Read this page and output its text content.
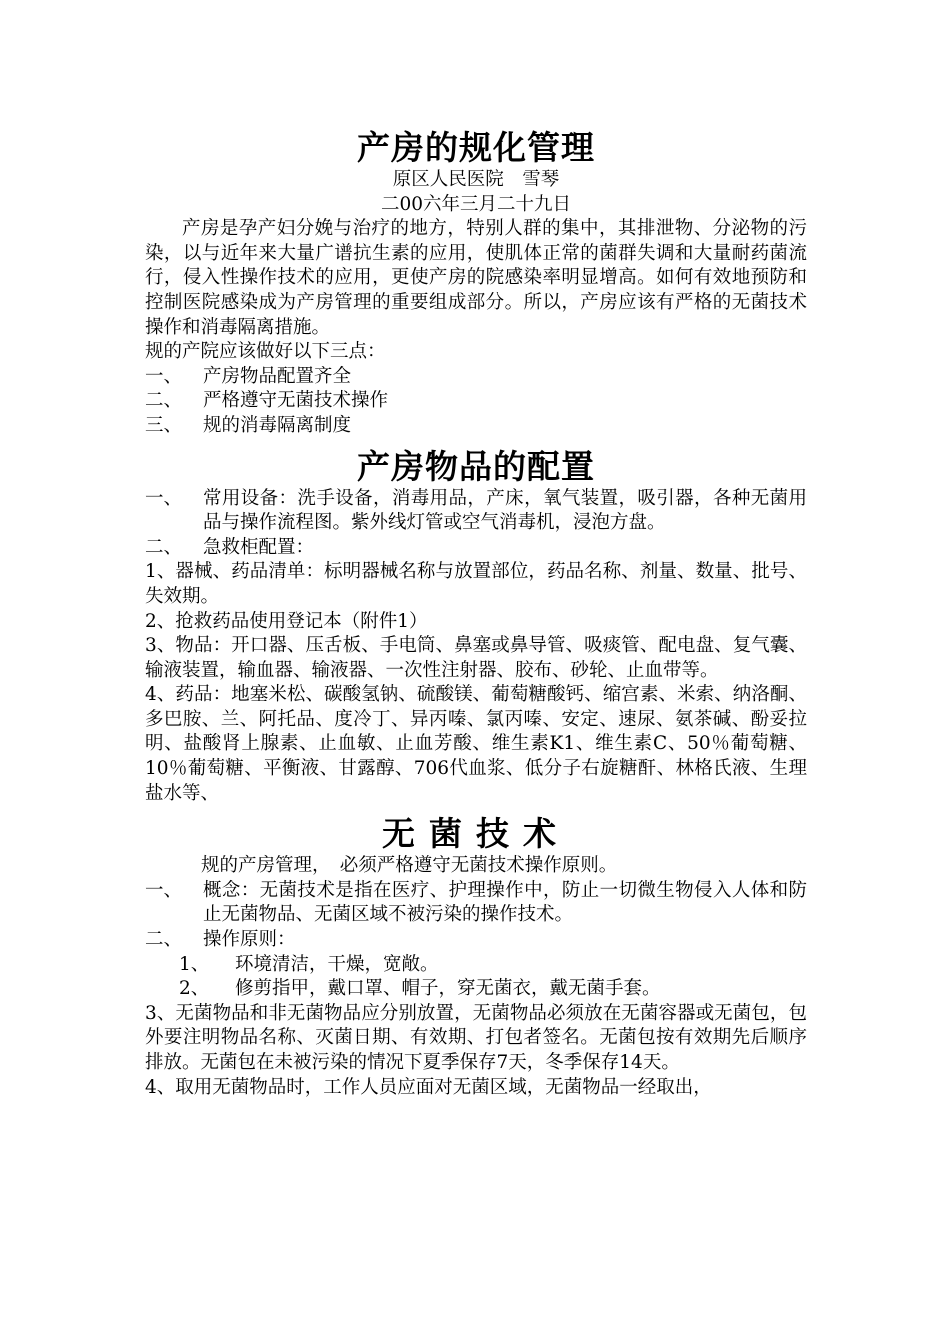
产房的规化管理
原区人民医院　雪琴
二00六年三月二十九日
产房是孕产妇分娩与治疗的地方，特别人群的集中，其排泄物、分泌物的污染，以与近年来大量广谱抗生素的应用，使肌体正常的菌群失调和大量耐药菌流行，侵入性操作技术的应用，更使产房的院感染率明显增高。如何有效地预防和控制医院感染成为产房管理的重要组成部分。所以，产房应该有严格的无菌技术操作和消毒隔离措施。
规的产院应该做好以下三点：
一、	产房物品配置齐全
二、	严格遵守无菌技术操作
三、	规的消毒隔离制度
产房物品的配置
一、	常用设备：洗手设备，消毒用品，产床，氧气装置，吸引器，各种无菌用品与操作流程图。紫外线灯管或空气消毒机，浸泡方盘。
二、	急救柜配置：
1、器械、药品清单：标明器械名称与放置部位，药品名称、剂量、数量、批号、失效期。
2、抢救药品使用登记本（附件1）
3、物品：开口器、压舌板、手电筒、鼻塞或鼻导管、吸痰管、配电盘、复气囊、输液装置，输血器、输液器、一次性注射器、胶布、砂轮、止血带等。
4、药品：地塞米松、碳酸氢钠、硫酸镁、葡萄糖酸钙、缩宫素、米索、纳洛酮、多巴胺、兰、阿托品、度冷丁、异丙嗪、氯丙嗪、安定、速尿、氨茶碱、酚妥拉明、盐酸肾上腺素、止血敏、止血芳酸、维生素K1、维生素C、50％葡萄糖、10％葡萄糖、平衡液、甘露醇、706代血浆、低分子右旋糖酐、林格氏液、生理盐水等、
无菌技术
规的产房管理，　必须严格遵守无菌技术操作原则。
一、	概念：无菌技术是指在医疗、护理操作中，防止一切微生物侵入人体和防止无菌物品、无菌区域不被污染的操作技术。
二、	操作原则：
1、	环境清洁，干燥，宽敞。
2、	修剪指甲，戴口罩、帽子，穿无菌衣，戴无菌手套。
3、无菌物品和非无菌物品应分别放置，无菌物品必须放在无菌容器或无菌包，包外要注明物品名称、灭菌日期、有效期、打包者签名。无菌包按有效期先后顺序排放。无菌包在未被污染的情况下夏季保存7天，冬季保存14天。
4、取用无菌物品时，工作人员应面对无菌区域，无菌物品一经取出，
